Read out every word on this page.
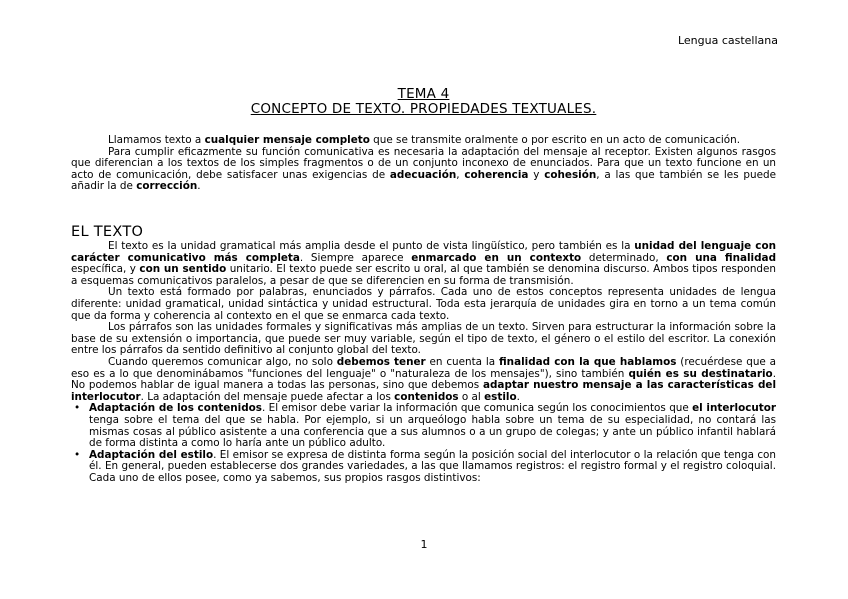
Lengua castellana
TEMA 4
CONCEPTO DE TEXTO. PROPIEDADES TEXTUALES.

Llamamos texto a cualquier mensaje completo que se transmite oralmente o por escrito en un acto de comunicación.

Para cumplir eficazmente su función comunicativa es necesaria la adaptación del mensaje al receptor. Existen algunos rasgos que diferencian a los textos de los simples fragmentos o de un conjunto inconexo de enunciados. Para que un texto funcione en un acto de comunicación, debe satisfacer unas exigencias de adecuación, coherencia y cohesión, a las que también se les puede añadir la de corrección.

EL TEXTO

El texto es la unidad gramatical más amplia desde el punto de vista lingüístico, pero también es la unidad del lenguaje con carácter comunicativo más completa. Siempre aparece enmarcado en un contexto determinado, con una finalidad específica, y con un sentido unitario. El texto puede ser escrito u oral, al que también se denomina discurso. Ambos tipos responden a esquemas comunicativos paralelos, a pesar de que se diferencien en su forma de transmisión.

Un texto está formado por palabras, enunciados y párrafos. Cada uno de estos conceptos representa unidades de lengua diferente: unidad gramatical, unidad sintáctica y unidad estructural. Toda esta jerarquía de unidades gira en torno a un tema común que da forma y coherencia al contexto en el que se enmarca cada texto.

Los párrafos son las unidades formales y significativas más amplias de un texto. Sirven para estructurar la información sobre la base de su extensión o importancia, que puede ser muy variable, según el tipo de texto, el género o el estilo del escritor. La conexión entre los párrafos da sentido definitivo al conjunto global del texto.

Cuando queremos comunicar algo, no solo debemos tener en cuenta la finalidad con la que hablamos (recuérdese que a eso es a lo que denominábamos "funciones del lenguaje" o "naturaleza de los mensajes"), sino también quién es su destinatario. No podemos hablar de igual manera a todas las personas, sino que debemos adaptar nuestro mensaje a las características del interlocutor. La adaptación del mensaje puede afectar a los contenidos o al estilo.

• Adaptación de los contenidos. El emisor debe variar la información que comunica según los conocimientos que el interlocutor tenga sobre el tema del que se habla. Por ejemplo, si un arqueólogo habla sobre un tema de su especialidad, no contará las mismas cosas al público asistente a una conferencia que a sus alumnos o a un grupo de colegas; y ante un público infantil hablará de forma distinta a como lo haría ante un público adulto.
• Adaptación del estilo. El emisor se expresa de distinta forma según la posición social del interlocutor o la relación que tenga con él. En general, pueden establecerse dos grandes variedades, a las que llamamos registros: el registro formal y el registro coloquial. Cada uno de ellos posee, como ya sabemos, sus propios rasgos distintivos:
1
